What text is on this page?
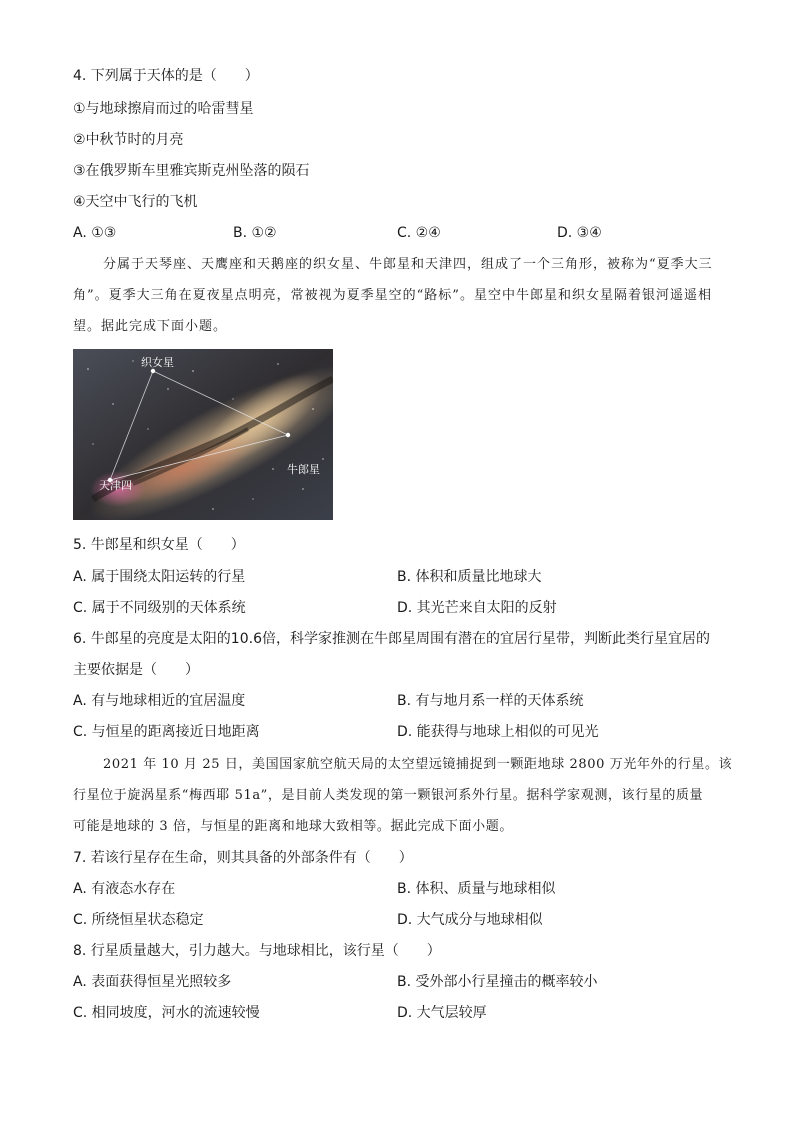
4. 下列属于天体的是（　　）
①与地球擦肩而过的哈雷彗星
②中秋节时的月亮
③在俄罗斯车里雅宾斯克州坠落的陨石
④天空中飞行的飞机
A. ①③	B. ①②	C. ②④	D. ③④
分属于天琴座、天鹰座和天鹅座的织女星、牛郎星和天津四，组成了一个三角形，被称为“夏季大三
角”。夏季大三角在夏夜星点明亮，常被视为夏季星空的“路标”。星空中牛郎星和织女星隔着银河遥遥相
望。据此完成下面小题。
织女星
牛郎星
天津四
5. 牛郎星和织女星（　　）
A. 属于围绕太阳运转的行星	B. 体积和质量比地球大
C. 属于不同级别的天体系统	D. 其光芒来自太阳的反射
6. 牛郎星的亮度是太阳的10.6倍，科学家推测在牛郎星周围有潜在的宜居行星带，判断此类行星宜居的
主要依据是（　　）
A. 有与地球相近的宜居温度	B. 有与地月系一样的天体系统
C. 与恒星的距离接近日地距离	D. 能获得与地球上相似的可见光
2021 年 10 月 25 日，美国国家航空航天局的太空望远镜捕捉到一颗距地球 2800 万光年外的行星。该
行星位于旋涡星系“梅西耶 51a”，是目前人类发现的第一颗银河系外行星。据科学家观测，该行星的质量
可能是地球的 3 倍，与恒星的距离和地球大致相等。据此完成下面小题。
7. 若该行星存在生命，则其具备的外部条件有（　　）
A. 有液态水存在	B. 体积、质量与地球相似
C. 所绕恒星状态稳定	D. 大气成分与地球相似
8. 行星质量越大，引力越大。与地球相比，该行星（　　）
A. 表面获得恒星光照较多	B. 受外部小行星撞击的概率较小
C. 相同坡度，河水的流速较慢	D. 大气层较厚
